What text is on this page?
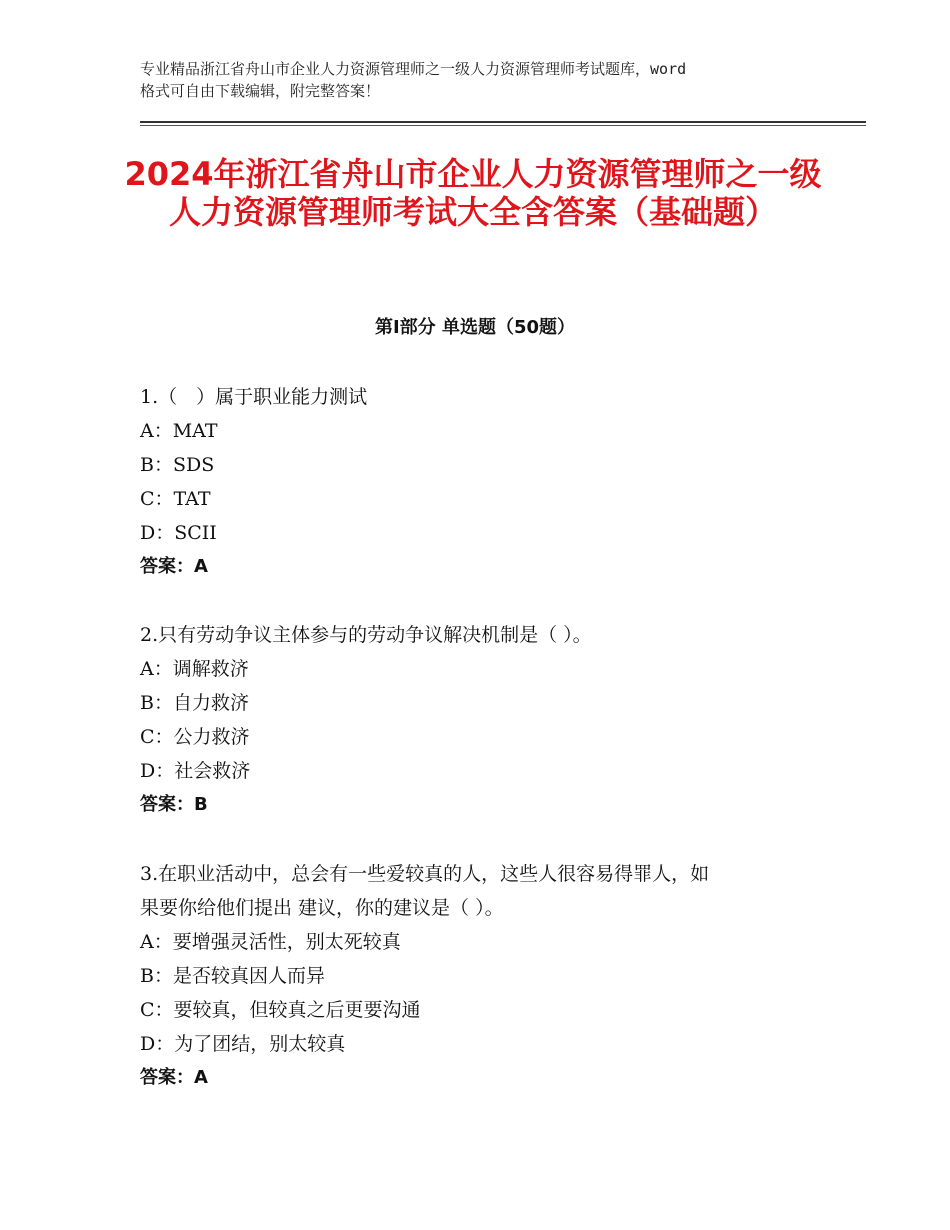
专业精品浙江省舟山市企业人力资源管理师之一级人力资源管理师考试题库，word
格式可自由下载编辑，附完整答案！
2024年浙江省舟山市企业人力资源管理师之一级人力资源管理师考试大全含答案（基础题）
第Ⅰ部分 单选题（50题）
1.（　）属于职业能力测试
A：MAT
B：SDS
C：TAT
D：SCII
答案：A
2.只有劳动争议主体参与的劳动争议解决机制是（ ）。
A：调解救济
B：自力救济
C：公力救济
D：社会救济
答案：B
3.在职业活动中，总会有一些爱较真的人，这些人很容易得罪人，如
果要你给他们提出 建议，你的建议是（ ）。
A：要增强灵活性，别太死较真
B：是否较真因人而异
C：要较真，但较真之后更要沟通
D：为了团结，别太较真
答案：A
